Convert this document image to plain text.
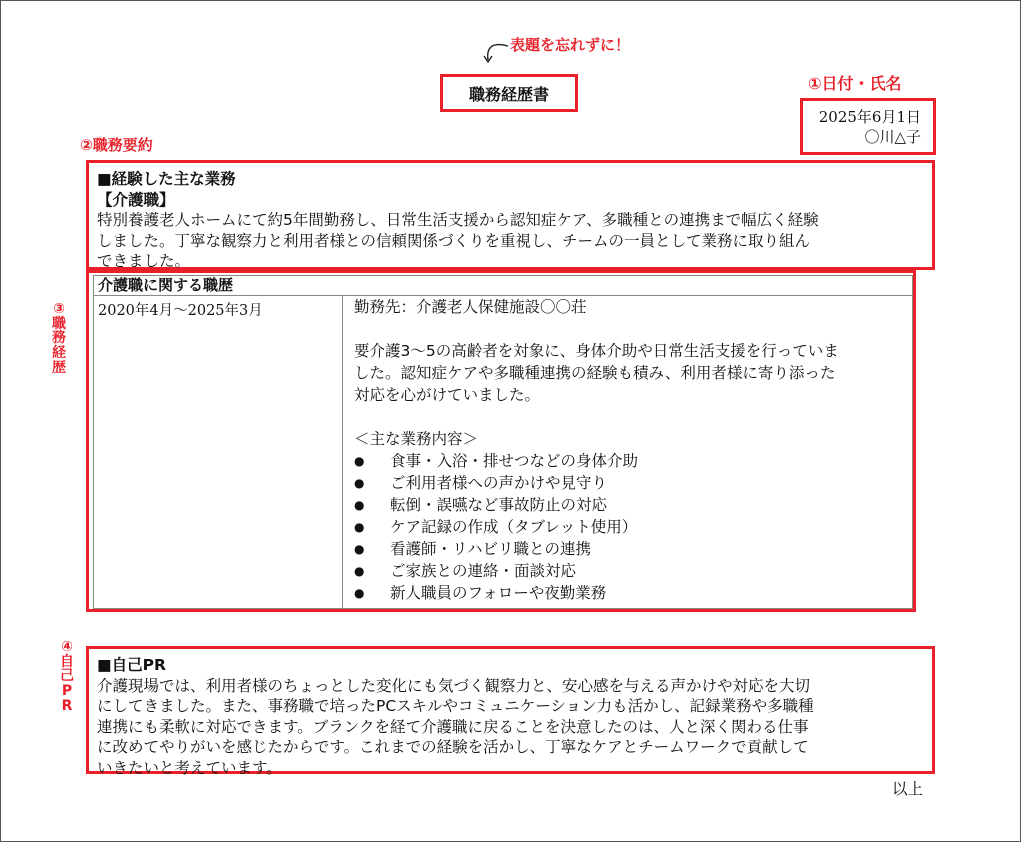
表題を忘れずに！
職務経歴書
①日付・氏名
2025年6月1日
〇川△子
②職務要約
■経験した主な業務
【介護職】
特別養護老人ホームにて約5年間勤務し、日常生活支援から認知症ケア、多職種との連携まで幅広く経験
しました。丁寧な観察力と利用者様との信頼関係づくりを重視し、チームの一員として業務に取り組ん
できました。
③
職
務
経
歴
介護職に関する職歴
2020年4月～2025年3月	勤務先：介護老人保健施設〇〇荘
要介護3～5の高齢者を対象に、身体介助や日常生活支援を行っていま
した。認知症ケアや多職種連携の経験も積み、利用者様に寄り添った
対応を心がけていました。
＜主な業務内容＞
●	食事・入浴・排せつなどの身体介助
●	ご利用者様への声かけや見守り
●	転倒・誤嚥など事故防止の対応
●	ケア記録の作成（タブレット使用）
●	看護師・リハビリ職との連携
●	ご家族との連絡・面談対応
●	新人職員のフォローや夜勤業務
④
自
己
P
R
■自己PR
介護現場では、利用者様のちょっとした変化にも気づく観察力と、安心感を与える声かけや対応を大切
にしてきました。また、事務職で培ったPCスキルやコミュニケーション力も活かし、記録業務や多職種
連携にも柔軟に対応できます。ブランクを経て介護職に戻ることを決意したのは、人と深く関わる仕事
に改めてやりがいを感じたからです。これまでの経験を活かし、丁寧なケアとチームワークで貢献して
いきたいと考えています。
以上
